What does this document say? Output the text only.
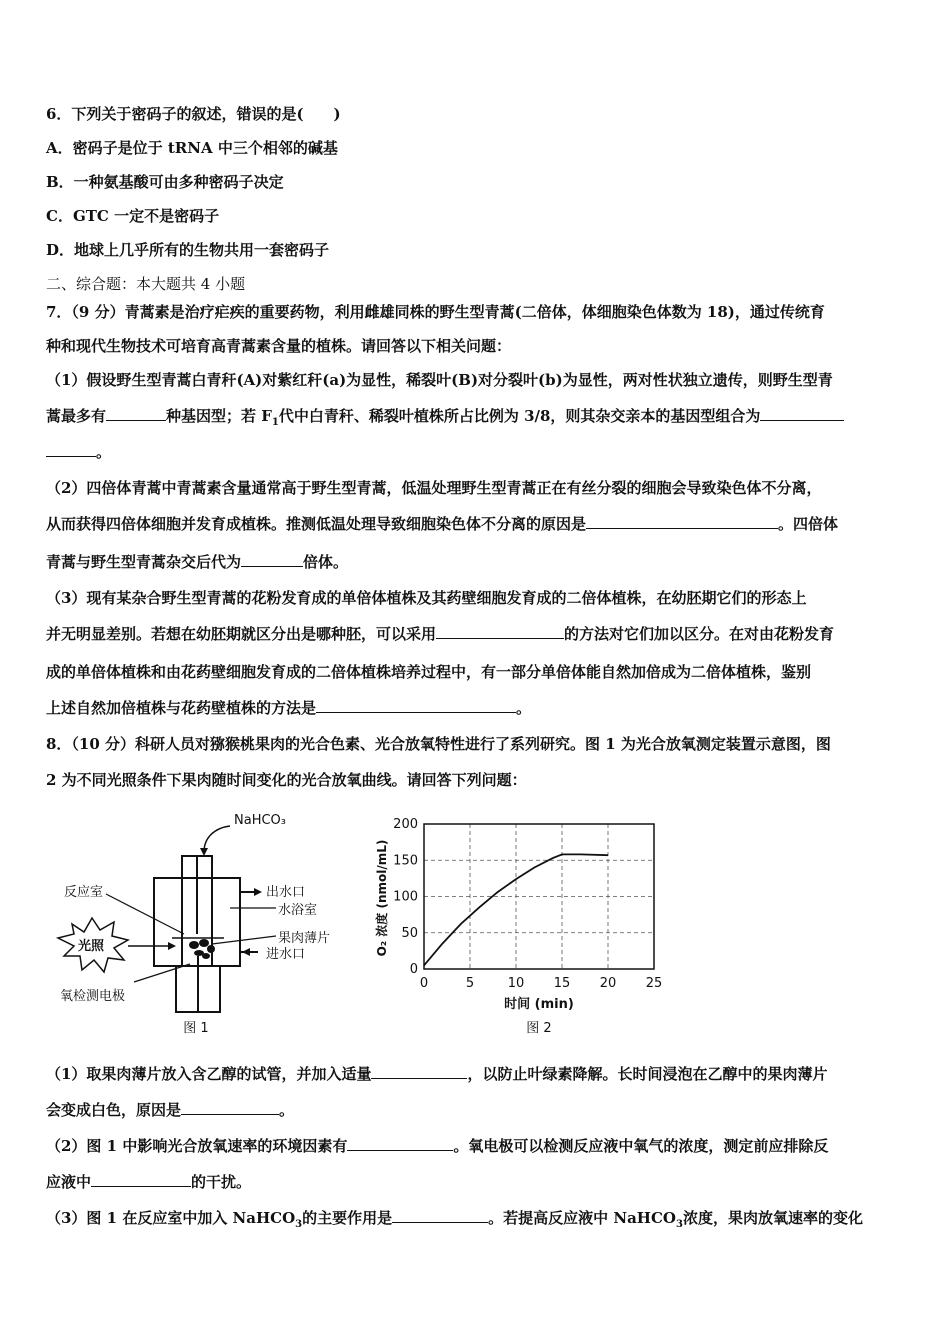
6．下列关于密码子的叙述，错误的是(　　)
A．密码子是位于 tRNA 中三个相邻的碱基
B．一种氨基酸可由多种密码子决定
C．GTC 一定不是密码子
D．地球上几乎所有的生物共用一套密码子
二、综合题：本大题共 4 小题
7．（9 分）青蒿素是治疗疟疾的重要药物，利用雌雄同株的野生型青蒿(二倍体，体细胞染色体数为 18)，通过传统育
种和现代生物技术可培育高青蒿素含量的植株。请回答以下相关问题：
（1）假设野生型青蒿白青秆(A)对紫红秆(a)为显性，稀裂叶(B)对分裂叶(b)为显性，两对性状独立遗传，则野生型青
蒿最多有	种基因型；若 $F_1$代中白青秆、稀裂叶植株所占比例为 3/8，则其杂交亲本的基因型组合为
。
（2）四倍体青蒿中青蒿素含量通常高于野生型青蒿，低温处理野生型青蒿正在有丝分裂的细胞会导致染色体不分离，
从而获得四倍体细胞并发育成植株。推测低温处理导致细胞染色体不分离的原因是	。四倍体
青蒿与野生型青蒿杂交后代为	倍体。
（3）现有某杂合野生型青蒿的花粉发育成的单倍体植株及其药壁细胞发育成的二倍体植株，在幼胚期它们的形态上
并无明显差别。若想在幼胚期就区分出是哪种胚，可以采用	的方法对它们加以区分。在对由花粉发育
成的单倍体植株和由花药壁细胞发育成的二倍体植株培养过程中，有一部分单倍体能自然加倍成为二倍体植株，鉴别
上述自然加倍植株与花药壁植株的方法是	。
8．（10 分）科研人员对猕猴桃果肉的光合色素、光合放氧特性进行了系列研究。图 1 为光合放氧测定装置示意图，图
2 为不同光照条件下果肉随时间变化的光合放氧曲线。请回答下列问题：
NaHCO₃
反应室
光照
氧检测电极
出水口
水浴室
果肉薄片
进水口
图 1
0	5	10 15 20 25
0
50
100
150
200
时间 (min)
O₂ 浓度 (nmol/mL)
图 2
（1）取果肉薄片放入含乙醇的试管，并加入适量	，以防止叶绿素降解。长时间浸泡在乙醇中的果肉薄片
会变成白色，原因是	。
（2）图 1 中影响光合放氧速率的环境因素有	。氧电极可以检测反应液中氧气的浓度，测定前应排除反
应液中	的干扰。
（3）图 1 在反应室中加入 NaHCO$_3$的主要作用是	。若提高反应液中 NaHCO$_3$浓度，果肉放氧速率的变化
